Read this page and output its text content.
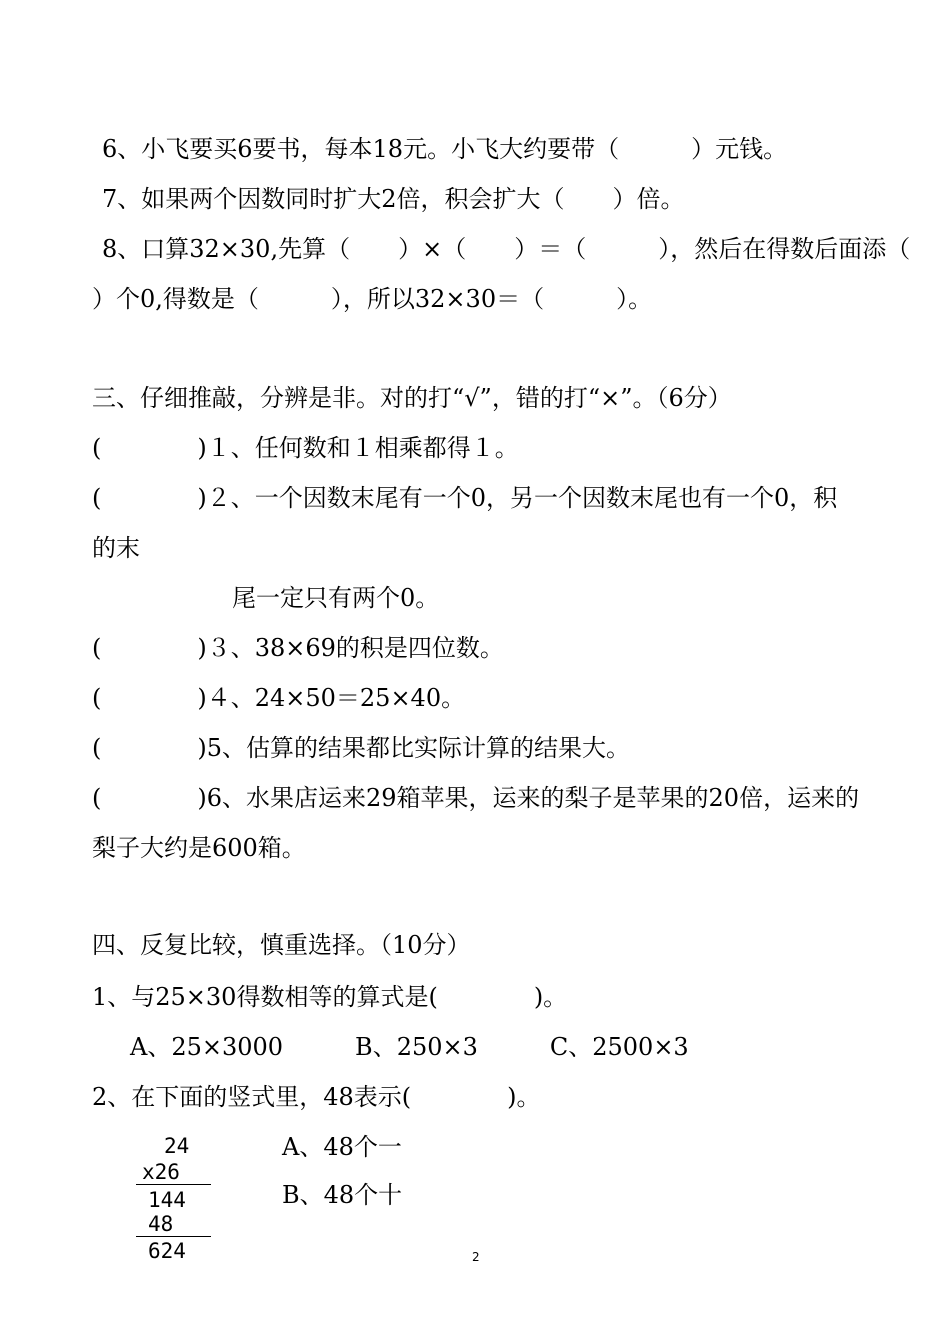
6、小飞要买6要书，每本18元。小飞大约要带（　　　）元钱。
7、如果两个因数同时扩大2倍，积会扩大（　　）倍。
8、口算32×30,先算（　　）×（　　）＝（　　　），然后在得数后面添（
）个0,得数是（　　　），所以32×30＝（　　　）。
三、仔细推敲，分辨是非。对的打“√”，错的打“×”。（6分）
(　　　　)１、任何数和１相乘都得１。
(　　　　)２、一个因数末尾有一个0，另一个因数末尾也有一个0，积
的末
尾一定只有两个0。
(　　　　)３、38×69的积是四位数。
(　　　　)４、24×50＝25×40。
(　　　　)5、估算的结果都比实际计算的结果大。
(　　　　)6、水果店运来29箱苹果，运来的梨子是苹果的20倍，运来的
梨子大约是600箱。
四、反复比较，慎重选择。（10分）
1、与25×30得数相等的算式是(　　　　)。
A、25×3000　　　B、250×3　　　C、2500×3
2、在下面的竖式里，48表示(　　　　)。
24
x26
144
48
624
A、48个一
B、48个十
2
